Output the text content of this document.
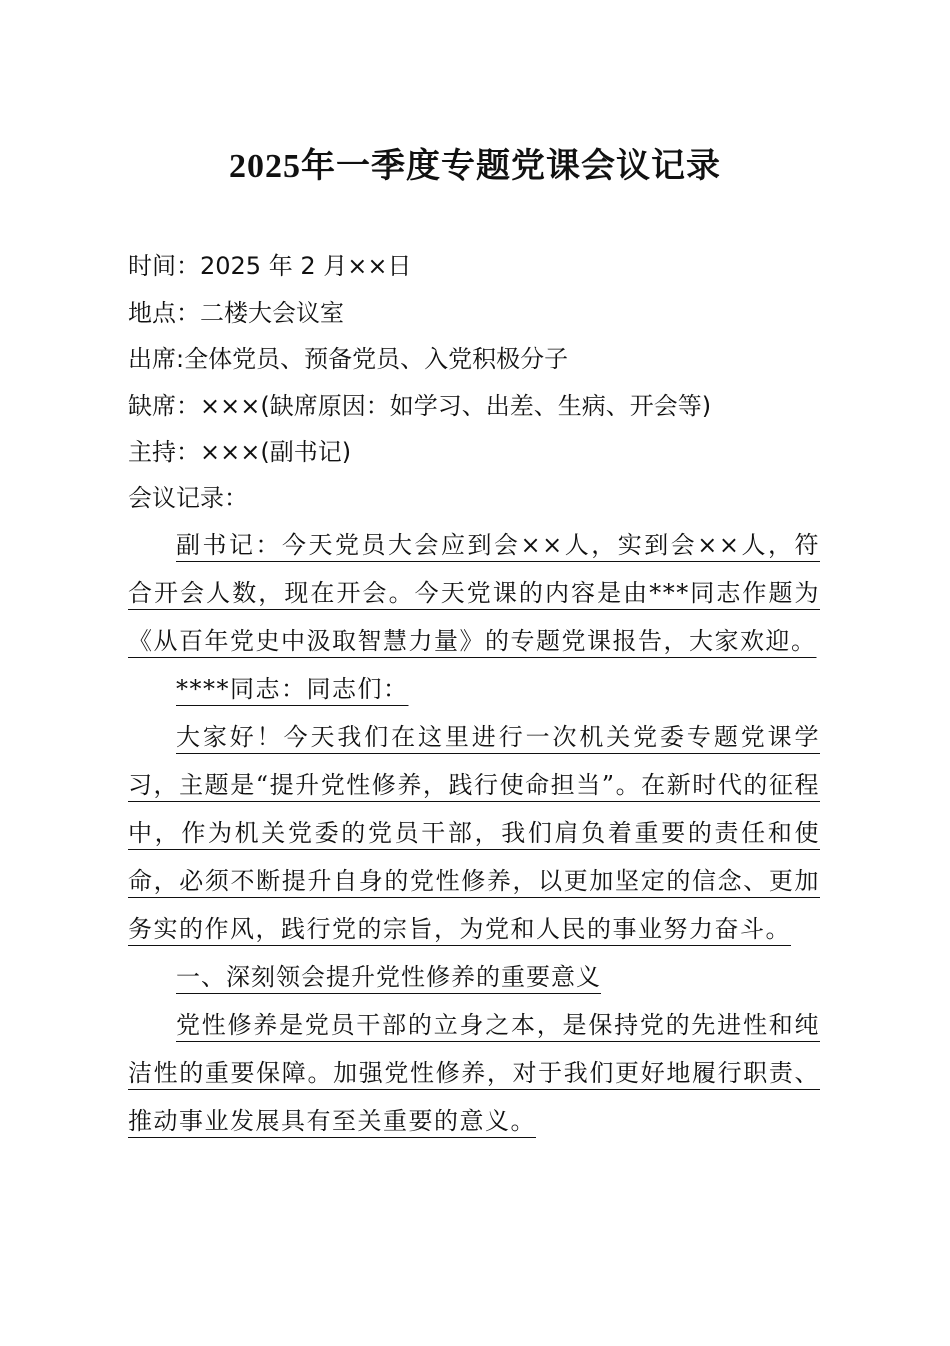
2025年一季度专题党课会议记录
时间：2025 年 2 月××日
地点：二楼大会议室
出席:全体党员、预备党员、入党积极分子
缺席：×××(缺席原因：如学习、出差、生病、开会等)
主持：×××(副书记)
会议记录：

副书记：今天党员大会应到会××人，实到会××人，符合开会人数，现在开会。今天党课的内容是由***同志作题为《从百年党史中汲取智慧力量》的专题党课报告，大家欢迎。

****同志：同志们：

大家好！今天我们在这里进行一次机关党委专题党课学习，主题是“提升党性修养，践行使命担当”。在新时代的征程中，作为机关党委的党员干部，我们肩负着重要的责任和使命，必须不断提升自身的党性修养，以更加坚定的信念、更加务实的作风，践行党的宗旨，为党和人民的事业努力奋斗。

一、深刻领会提升党性修养的重要意义

党性修养是党员干部的立身之本，是保持党的先进性和纯洁性的重要保障。加强党性修养，对于我们更好地履行职责、推动事业发展具有至关重要的意义。
